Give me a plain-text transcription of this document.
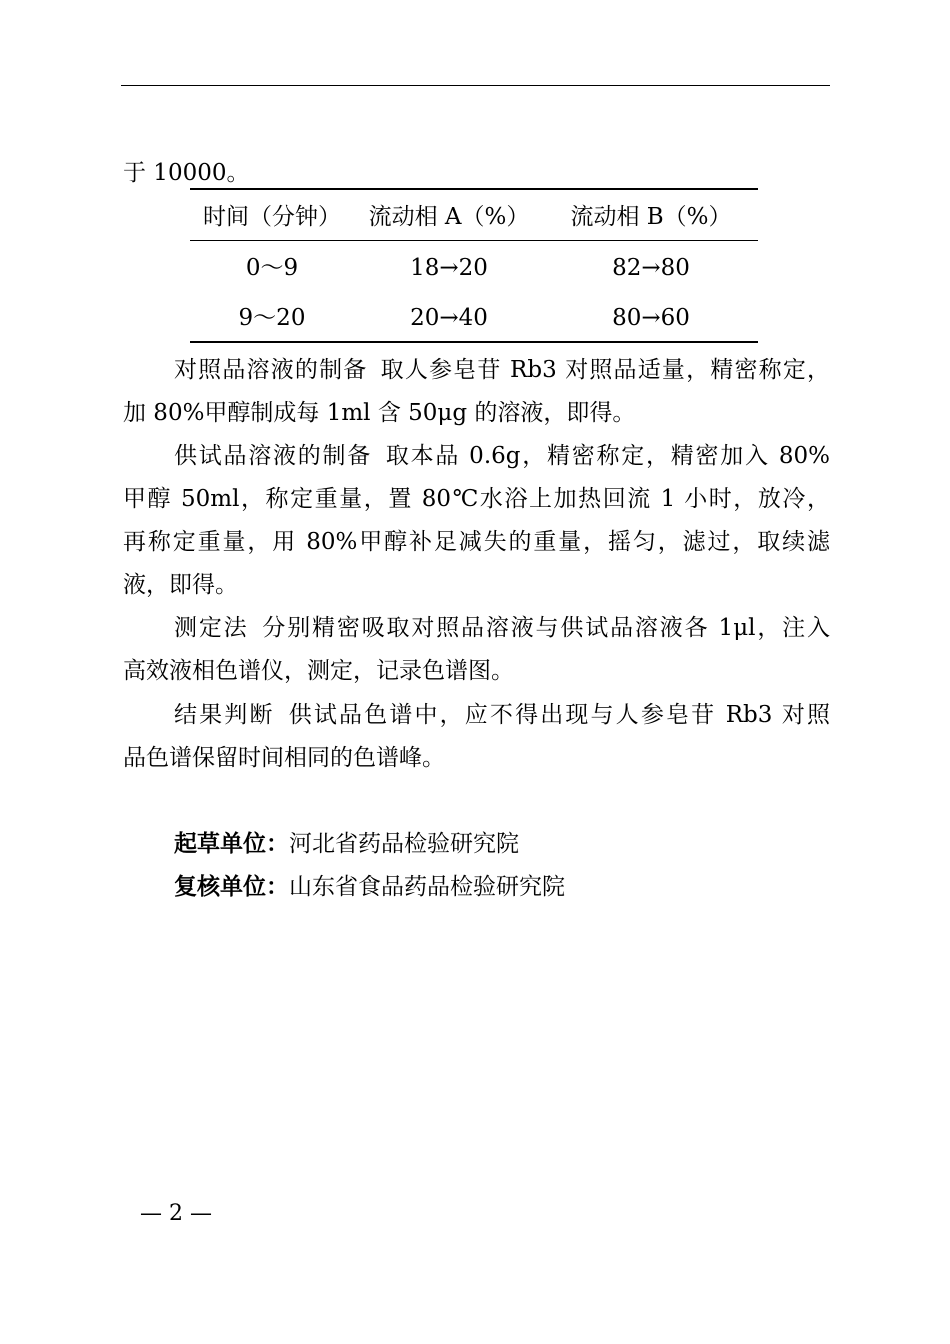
于 10000。
时间（分钟）	流动相 A（%）	流动相 B（%）
0～9	18→20	82→80
9～20	20→40	80→60
对照品溶液的制备 取人参皂苷 Rb3 对照品适量，精密称定，
加 80%甲醇制成每 1ml 含 50μg 的溶液，即得。
供试品溶液的制备 取本品 0.6g，精密称定，精密加入 80%
甲醇 50ml，称定重量，置 80℃水浴上加热回流 1 小时，放冷，
再称定重量，用 80%甲醇补足减失的重量，摇匀，滤过，取续滤
液，即得。
测定法 分别精密吸取对照品溶液与供试品溶液各 1μl，注入
高效液相色谱仪，测定，记录色谱图。
结果判断 供试品色谱中，应不得出现与人参皂苷 Rb3 对照
品色谱保留时间相同的色谱峰。
起草单位：河北省药品检验研究院
复核单位：山东省食品药品检验研究院
— 2 —
